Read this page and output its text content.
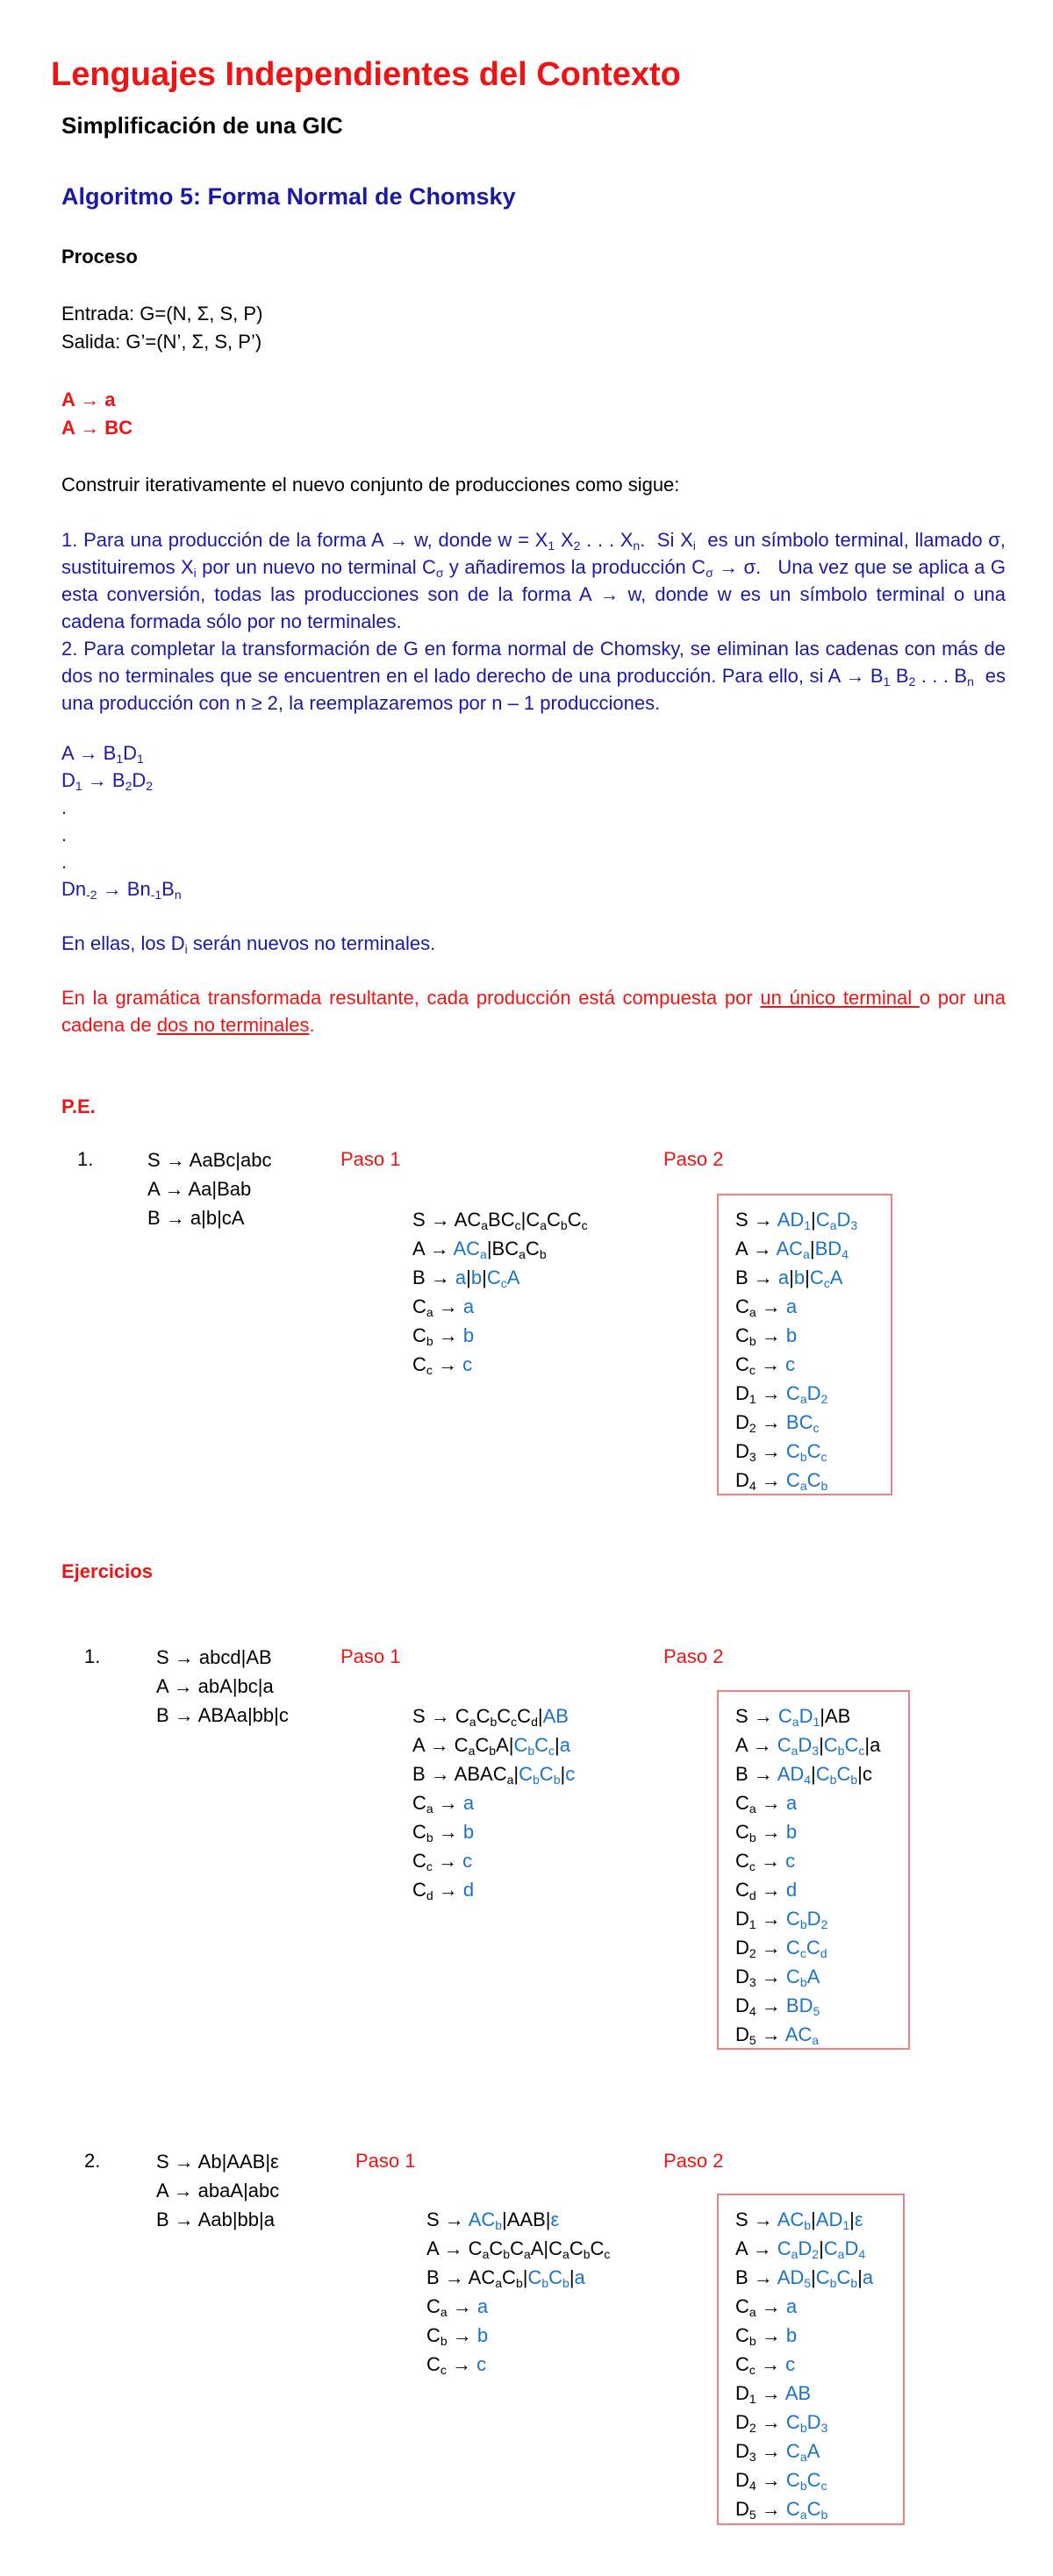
Lenguajes Independientes del Contexto
Simplificación de una GIC
Algoritmo 5: Forma Normal de Chomsky
Proceso
Entrada: G=(N, Σ, S, P)
Salida: G’=(N’, Σ, S, P’)
A → a
A → BC
Construir iterativamente el nuevo conjunto de producciones como sigue:
1. Para una producción de la forma A → w, donde $w = X_1$ $X_2$ . . . $X_n$.  Si $X_i$  es un símbolo terminal, llamado σ, sustituiremos $X_i$ por un nuevo no terminal $C_\sigma$ y añadiremos la producción $C_\sigma \to \sigma$.   Una vez que se aplica a G esta conversión, todas las producciones son de la forma A → w, donde w es un símbolo terminal o una cadena formada sólo por no terminales.
2. Para completar la transformación de G en forma normal de Chomsky, se eliminan las cadenas con más de dos no terminales que se encuentren en el lado derecho de una producción. Para ello, si $A \to B_1$ $B_2$ . . . $B_n$  es una producción con n ≥ 2, la reemplazaremos por n – 1 producciones.
$A \to B_1D_1$
$D_1 \to B_2D_2$
.
.
.
$Dn_{-2} \to Bn_{-1}B_n$
En ellas, los $D_i$ serán nuevos no terminales.
En la gramática transformada resultante, cada producción está compuesta por un único terminal o por una cadena de dos no terminales.
P.E.
1.	S → AaBc|abc
A → Aa|Bab
B → a|b|cA
Paso 1	Paso 2
$S \to AC_aBC_c|C_aC_bC_c$
$A \to AC_a|BC_aC_b$
$B \to a|b|C_cA$
$C_a \to a$
$C_b \to b$
$C_c \to c$
$S \to AD_1|C_aD_3$
$A \to AC_a|BD_4$
$B \to a|b|C_cA$
$C_a \to a$
$C_b \to b$
$C_c \to c$
$D_1 \to C_aD_2$
$D_2 \to BC_c$
$D_3 \to C_bC_c$
$D_4 \to C_aC_b$
Ejercicios
1.	S → abcd|AB
A → abA|bc|a
B → ABAa|bb|c
Paso 1	Paso 2
$S \to C_aC_bC_cC_d|AB$
$A \to C_aC_bA|C_bC_c|a$
$B \to ABAC_a|C_bC_b|c$
$C_a \to a$
$C_b \to b$
$C_c \to c$
$C_d \to d$
$S \to C_aD_1|AB$
$A \to C_aD_3|C_bC_c|a$
$B \to AD_4|C_bC_b|c$
$C_a \to a$
$C_b \to b$
$C_c \to c$
$C_d \to d$
$D_1 \to C_bD_2$
$D_2 \to C_cC_d$
$D_3 \to C_bA$
$D_4 \to BD_5$
$D_5 \to AC_a$
2.	S → Ab|AAB|ε
A → abaA|abc
B → Aab|bb|a
Paso 1	Paso 2
$S \to AC_b|AAB|\varepsilon$
$A \to C_aC_bC_aA|C_aC_bC_c$
$B \to AC_aC_b|C_bC_b|a$
$C_a \to a$
$C_b \to b$
$C_c \to c$
$S \to AC_b|AD_1|\varepsilon$
$A \to C_aD_2|C_aD_4$
$B \to AD_5|C_bC_b|a$
$C_a \to a$
$C_b \to b$
$C_c \to c$
$D_1$ → AB
$D_2 \to C_bD_3$
$D_3 \to C_aA$
$D_4 \to C_bC_c$
$D_5 \to C_aC_b$
